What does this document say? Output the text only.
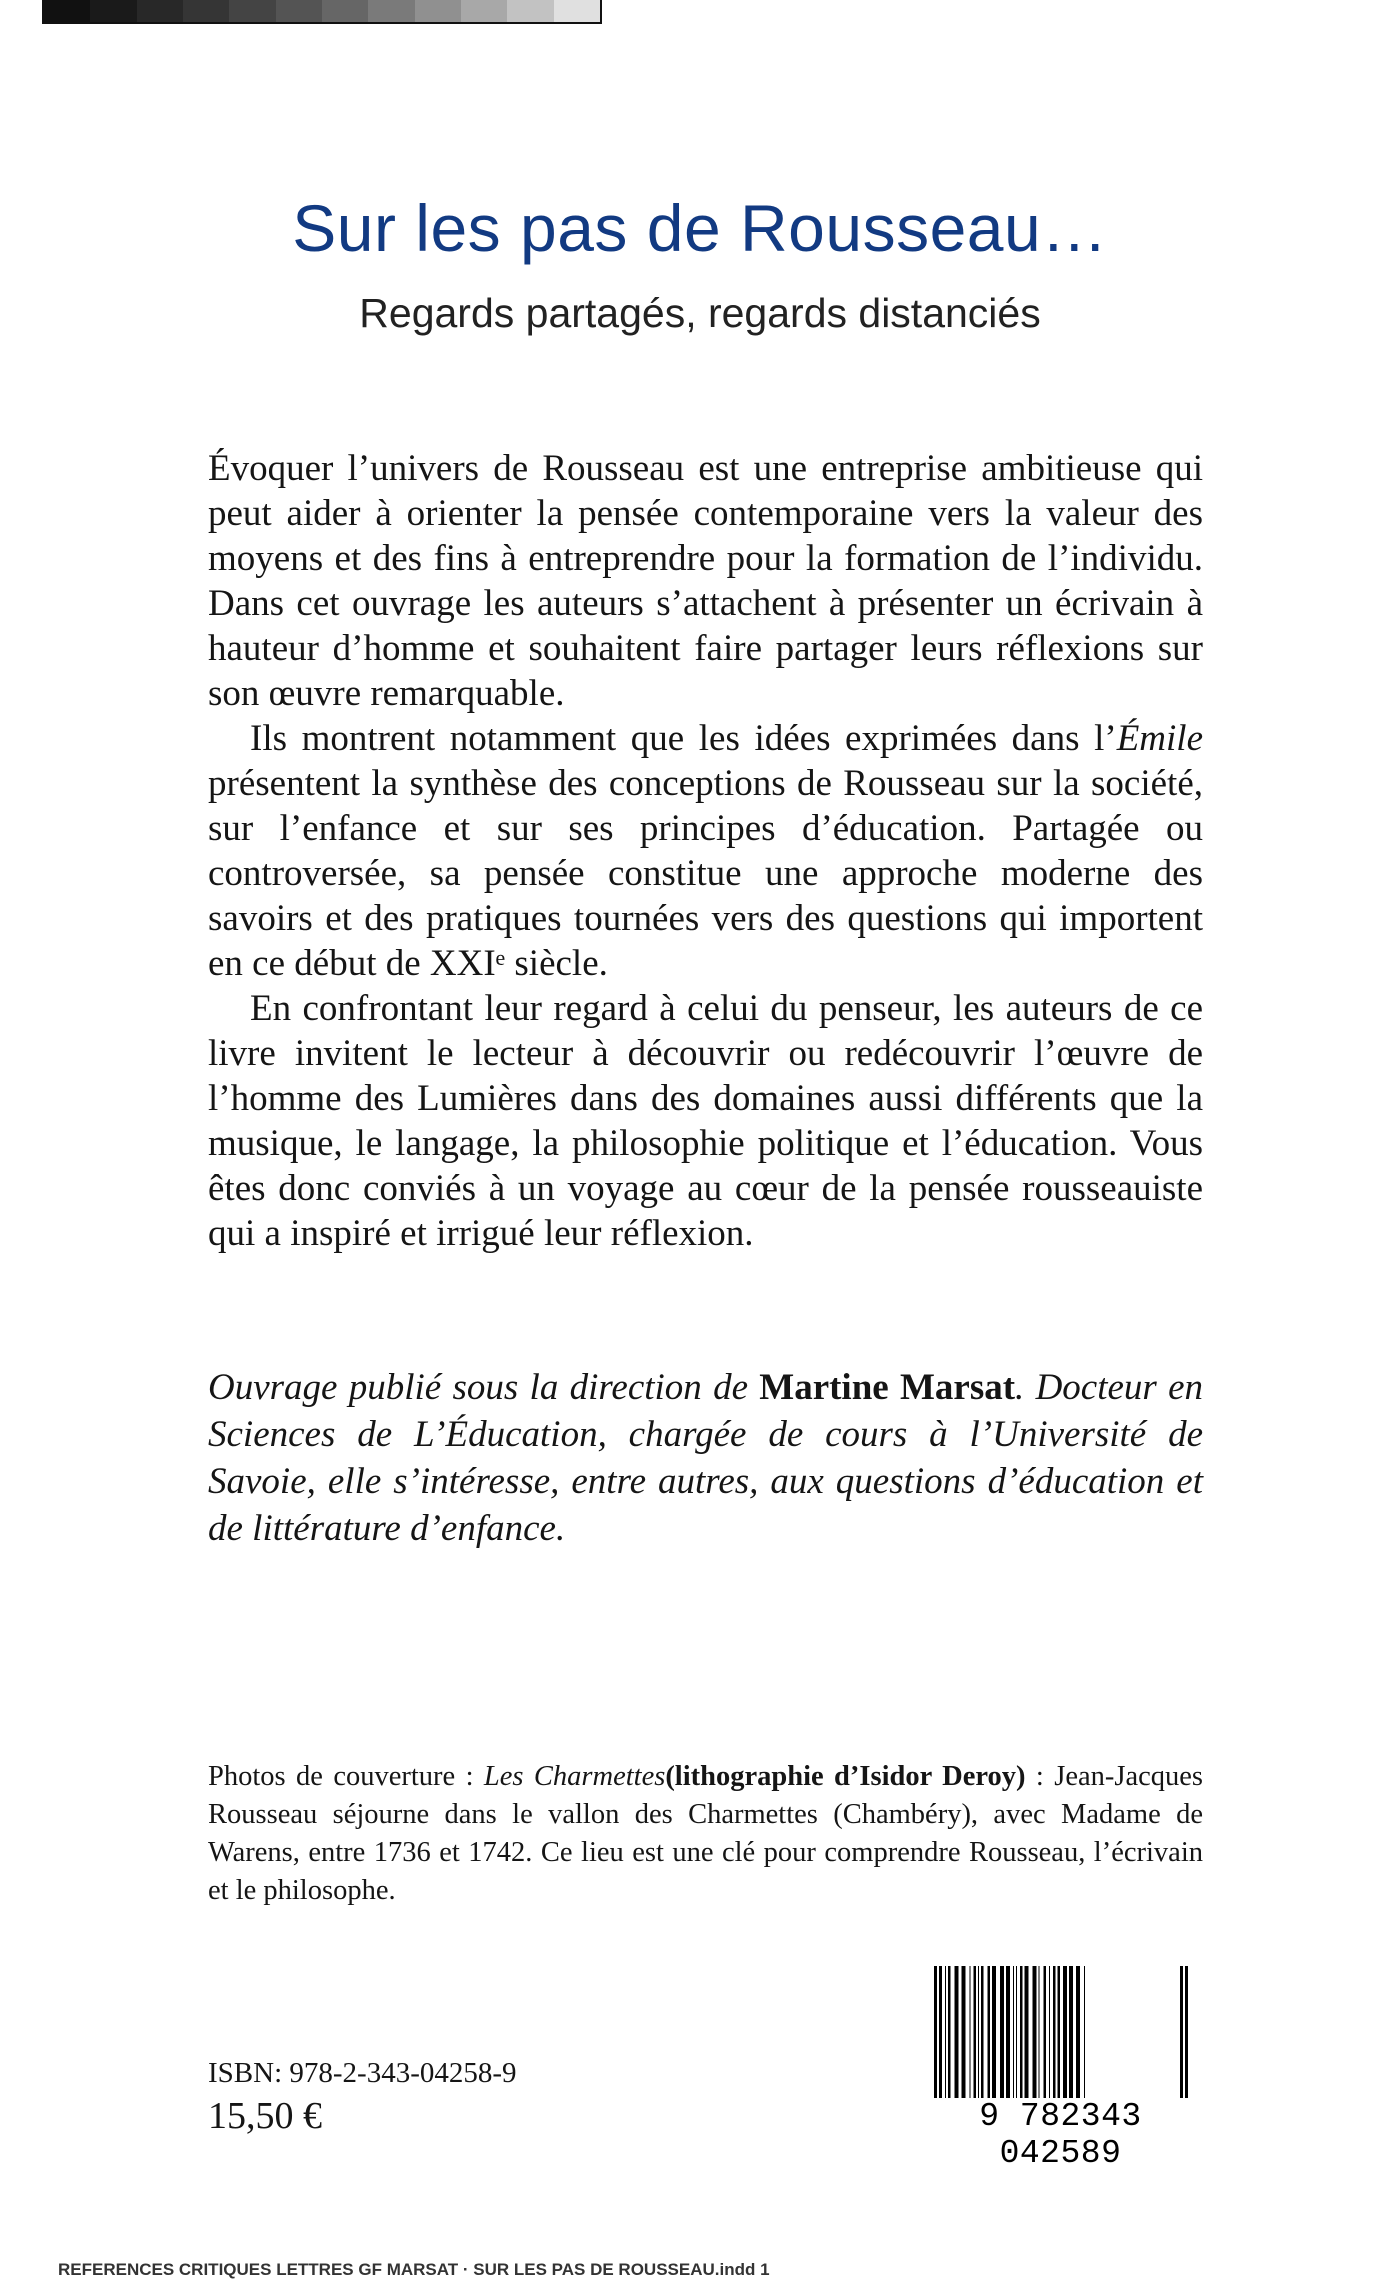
Sur les pas de Rousseau…
Regards partagés, regards distanciés

Évoquer l’univers de Rousseau est une entreprise ambitieuse qui peut aider à orienter la pensée contemporaine vers la valeur des moyens et des fins à entreprendre pour la formation de l’individu. Dans cet ouvrage les auteurs s’attachent à présenter un écrivain à hauteur d’homme et souhaitent faire partager leurs réflexions sur son œuvre remarquable.

Ils montrent notamment que les idées exprimées dans l’Émile présentent la synthèse des conceptions de Rousseau sur la société, sur l’enfance et sur ses principes d’éducation. Partagée ou controversée, sa pensée constitue une approche moderne des savoirs et des pratiques tournées vers des questions qui importent en ce début de XXIᵉ siècle.

En confrontant leur regard à celui du penseur, les auteurs de ce livre invitent le lecteur à découvrir ou redécouvrir l’œuvre de l’homme des Lumières dans des domaines aussi différents que la musique, le langage, la philosophie politique et l’éducation. Vous êtes donc conviés à un voyage au cœur de la pensée rousseauiste qui a inspiré et irrigué leur réflexion.

Ouvrage publié sous la direction de Martine Marsat. Docteur en Sciences de L’Éducation, chargée de cours à l’Université de Savoie, elle s’intéresse, entre autres, aux questions d’éducation et de littérature d’enfance.
Photos de couverture : Les Charmettes(lithographie d’Isidor Deroy) : Jean-Jacques Rousseau séjourne dans le vallon des Charmettes (Chambéry), avec Madame de Warens, entre 1736 et 1742. Ce lieu est une clé pour comprendre Rousseau, l’écrivain et le philosophe.
ISBN: 978-2-343-04258-9
15,50 €	9 782343 042589
REFERENCES CRITIQUES LETTRES GF MARSAT · SUR LES PAS DE ROUSSEAU.indd 1
